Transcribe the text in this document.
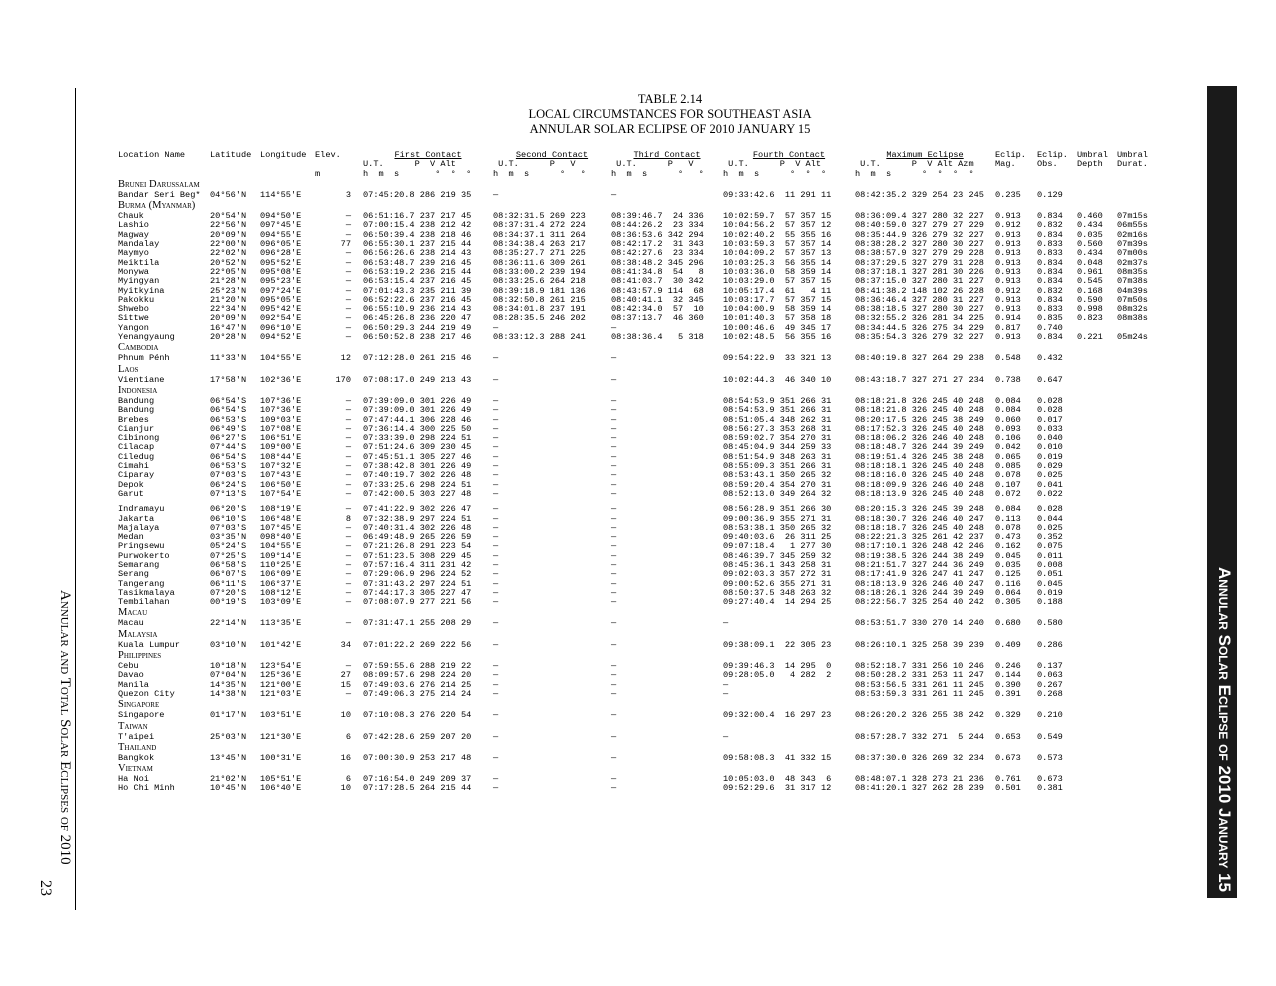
Annular and Total Solar Eclipses of 2010
23	Annular Solar Eclipse of 2010 January 15
TABLE 2.14
LOCAL CIRCUMSTANCES FOR SOUTHEAST ASIA
ANNULAR SOLAR ECLIPSE OF 2010 JANUARY 15
Location Name	Latitude	Longitude	Elev.	First Contact	Second Contact	Third Contact	Fourth Contact	Maximum Eclipse	Eclip.	Eclip.	Umbral	Umbral
				U.T.      P  V Alt	U.T.      P   V	U.T.      P   V	U.T.      P  V Alt	U.T.      P  V Alt Azm	Mag.	Obs.	Depth	Durat.
			m	h  m  s       °  °  °	h  m  s      °   °	h  m  s      °   °	h  m  s      °  °  °	h  m  s      °  °  °  °				
Brunei Darussalam												
Bandar Seri Beg*	04°56'N	114°55'E	3	07:45:20.8 286 219 35	—	—	09:33:42.6  11 291 11	08:42:35.2 329 254 23 245	0.235	0.129		
Burma (Myanmar)												
Chauk	20°54'N	094°50'E	—	06:51:16.7 237 217 45	08:32:31.5 269 223	08:39:46.7  24 336	10:02:59.7  57 357 15	08:36:09.4 327 280 32 227	0.913	0.834	0.460	07m15s
Lashio	22°56'N	097°45'E	—	07:00:15.4 238 212 42	08:37:31.4 272 224	08:44:26.2  23 334	10:04:56.2  57 357 12	08:40:59.0 327 279 27 229	0.912	0.832	0.434	06m55s
Magway	20°09'N	094°55'E	—	06:50:39.4 238 218 46	08:34:37.1 311 264	08:36:53.6 342 294	10:02:40.2  55 355 16	08:35:44.9 326 279 32 227	0.913	0.834	0.035	02m16s
Mandalay	22°00'N	096°05'E	77	06:55:30.1 237 215 44	08:34:38.4 263 217	08:42:17.2  31 343	10:03:59.3  57 357 14	08:38:28.2 327 280 30 227	0.913	0.833	0.560	07m39s
Maymyo	22°02'N	096°28'E	—	06:56:26.6 238 214 43	08:35:27.7 271 225	08:42:27.6  23 334	10:04:09.2  57 357 13	08:38:57.9 327 279 29 228	0.913	0.833	0.434	07m00s
Meiktila	20°52'N	095°52'E	—	06:53:48.7 239 216 45	08:36:11.6 309 261	08:38:48.2 345 296	10:03:25.3  56 355 14	08:37:29.5 327 279 31 228	0.913	0.834	0.048	02m37s
Monywa	22°05'N	095°08'E	—	06:53:19.2 236 215 44	08:33:00.2 239 194	08:41:34.8  54   8	10:03:36.0  58 359 14	08:37:18.1 327 281 30 226	0.913	0.834	0.961	08m35s
Myingyan	21°28'N	095°23'E	—	06:53:15.4 237 216 45	08:33:25.6 264 218	08:41:03.7  30 342	10:03:29.0  57 357 15	08:37:15.0 327 280 31 227	0.913	0.834	0.545	07m38s
Myitkyina	25°23'N	097°24'E	—	07:01:43.3 235 211 39	08:39:18.9 181 136	08:43:57.9 114  68	10:05:17.4  61   4 11	08:41:38.2 148 102 26 228	0.912	0.832	0.168	04m39s
Pakokku	21°20'N	095°05'E	—	06:52:22.6 237 216 45	08:32:50.8 261 215	08:40:41.1  32 345	10:03:17.7  57 357 15	08:36:46.4 327 280 31 227	0.913	0.834	0.590	07m50s
Shwebo	22°34'N	095°42'E	—	06:55:10.9 236 214 43	08:34:01.8 237 191	08:42:34.0  57  10	10:04:00.9  58 359 14	08:38:18.5 327 280 30 227	0.913	0.833	0.998	08m32s
Sittwe	20°09'N	092°54'E	—	06:45:26.8 236 220 47	08:28:35.5 246 202	08:37:13.7  46 360	10:01:40.3  57 358 18	08:32:55.2 326 281 34 225	0.914	0.835	0.823	08m38s
Yangon	16°47'N	096°10'E	—	06:50:29.3 244 219 49	—	—	10:00:46.6  49 345 17	08:34:44.5 326 275 34 229	0.817	0.740		
Yenangyaung	20°28'N	094°52'E	—	06:50:52.8 238 217 46	08:33:12.3 288 241	08:38:36.4   5 318	10:02:48.5  56 355 16	08:35:54.3 326 279 32 227	0.913	0.834	0.221	05m24s
Cambodia												
Phnum Pénh	11°33'N	104°55'E	12	07:12:28.0 261 215 46	—	—	09:54:22.9  33 321 13	08:40:19.8 327 264 29 238	0.548	0.432		
Laos												
Vientiane	17°58'N	102°36'E	170	07:08:17.0 249 213 43	—	—	10:02:44.3  46 340 10	08:43:18.7 327 271 27 234	0.738	0.647		
Indonesia												
Bandung	06°54'S	107°36'E	—	07:39:09.0 301 226 49	—	—	08:54:53.9 351 266 31	08:18:21.8 326 245 40 248	0.084	0.028		
Bandung	06°54'S	107°36'E	—	07:39:09.0 301 226 49	—	—	08:54:53.9 351 266 31	08:18:21.8 326 245 40 248	0.084	0.028		
Brebes	06°53'S	109°03'E	—	07:47:44.1 306 228 46	—	—	08:51:05.4 348 262 31	08:20:17.5 326 245 38 249	0.060	0.017		
Cianjur	06°49'S	107°08'E	—	07:36:14.4 300 225 50	—	—	08:56:27.3 353 268 31	08:17:52.3 326 245 40 248	0.093	0.033		
Cibinong	06°27'S	106°51'E	—	07:33:39.0 298 224 51	—	—	08:59:02.7 354 270 31	08:18:06.2 326 246 40 248	0.106	0.040		
Cilacap	07°44'S	109°00'E	—	07:51:24.6 309 230 45	—	—	08:45:04.9 344 259 33	08:18:48.7 326 244 39 249	0.042	0.010		
Ciledug	06°54'S	108°44'E	—	07:45:51.1 305 227 46	—	—	08:51:54.9 348 263 31	08:19:51.4 326 245 38 248	0.065	0.019		
Cimahi	06°53'S	107°32'E	—	07:38:42.8 301 226 49	—	—	08:55:09.3 351 266 31	08:18:18.1 326 245 40 248	0.085	0.029		
Ciparay	07°03'S	107°43'E	—	07:40:19.7 302 226 48	—	—	08:53:43.1 350 265 32	08:18:16.0 326 245 40 248	0.078	0.025		
Depok	06°24'S	106°50'E	—	07:33:25.6 298 224 51	—	—	08:59:20.4 354 270 31	08:18:09.9 326 246 40 248	0.107	0.041		
Garut	07°13'S	107°54'E	—	07:42:00.5 303 227 48	—	—	08:52:13.0 349 264 32	08:18:13.9 326 245 40 248	0.072	0.022		

Indramayu	06°20'S	108°19'E	—	07:41:22.9 302 226 47	—	—	08:56:28.9 351 266 30	08:20:15.3 326 245 39 248	0.084	0.028		
Jakarta	06°10'S	106°48'E	8	07:32:38.9 297 224 51	—	—	09:00:36.9 355 271 31	08:18:30.7 326 246 40 247	0.113	0.044		
Majalaya	07°03'S	107°45'E	—	07:40:31.4 302 226 48	—	—	08:53:38.1 350 265 32	08:18:18.7 326 245 40 248	0.078	0.025		
Medan	03°35'N	098°40'E	—	06:49:48.9 265 226 59	—	—	09:40:03.6  26 311 25	08:22:21.3 325 261 42 237	0.473	0.352		
Pringsewu	05°24'S	104°55'E	—	07:21:26.8 291 223 54	—	—	09:07:18.4   1 277 30	08:17:10.1 326 248 42 246	0.162	0.075		
Purwokerto	07°25'S	109°14'E	—	07:51:23.5 308 229 45	—	—	08:46:39.7 345 259 32	08:19:38.5 326 244 38 249	0.045	0.011		
Semarang	06°58'S	110°25'E	—	07:57:16.4 311 231 42	—	—	08:45:36.1 343 258 31	08:21:51.7 327 244 36 249	0.035	0.008		
Serang	06°07'S	106°09'E	—	07:29:06.9 296 224 52	—	—	09:02:03.3 357 272 31	08:17:41.9 326 247 41 247	0.125	0.051		
Tangerang	06°11'S	106°37'E	—	07:31:43.2 297 224 51	—	—	09:00:52.6 355 271 31	08:18:13.9 326 246 40 247	0.116	0.045		
Tasikmalaya	07°20'S	108°12'E	—	07:44:17.3 305 227 47	—	—	08:50:37.5 348 263 32	08:18:26.1 326 244 39 249	0.064	0.019		
Tembilahan	00°19'S	103°09'E	—	07:08:07.9 277 221 56	—	—	09:27:40.4  14 294 25	08:22:56.7 325 254 40 242	0.305	0.188		
Macau												
Macau	22°14'N	113°35'E	—	07:31:47.1 255 208 29	—	—	—	08:53:51.7 330 270 14 240	0.680	0.580		
Malaysia												
Kuala Lumpur	03°10'N	101°42'E	34	07:01:22.2 269 222 56	—	—	09:38:09.1  22 305 23	08:26:10.1 325 258 39 239	0.409	0.286		
Philippines												
Cebu	10°18'N	123°54'E	—	07:59:55.6 288 219 22	—	—	09:39:46.3  14 295  0	08:52:18.7 331 256 10 246	0.246	0.137		
Davao	07°04'N	125°36'E	27	08:09:57.6 298 224 20	—	—	09:28:05.0   4 282  2	08:50:28.2 331 253 11 247	0.144	0.063		
Manila	14°35'N	121°00'E	15	07:49:03.6 276 214 25	—	—	—	08:53:56.5 331 261 11 245	0.390	0.267		
Quezon City	14°38'N	121°03'E	—	07:49:06.3 275 214 24	—	—	—	08:53:59.3 331 261 11 245	0.391	0.268		
Singapore												
Singapore	01°17'N	103°51'E	10	07:10:08.3 276 220 54	—	—	09:32:00.4  16 297 23	08:26:20.2 326 255 38 242	0.329	0.210		
Taiwan												
T'aipei	25°03'N	121°30'E	6	07:42:28.6 259 207 20	—	—	—	08:57:28.7 332 271  5 244	0.653	0.549		
Thailand												
Bangkok	13°45'N	100°31'E	16	07:00:30.9 253 217 48	—	—	09:58:08.3  41 332 15	08:37:30.0 326 269 32 234	0.673	0.573		
Vietnam												
Ha Noi	21°02'N	105°51'E	6	07:16:54.0 249 209 37	—	—	10:05:03.0  48 343  6	08:48:07.1 328 273 21 236	0.761	0.673		
Ho Chi Minh	10°45'N	106°40'E	10	07:17:28.5 264 215 44	—	—	09:52:29.6  31 317 12	08:41:20.1 327 262 28 239	0.501	0.381		
